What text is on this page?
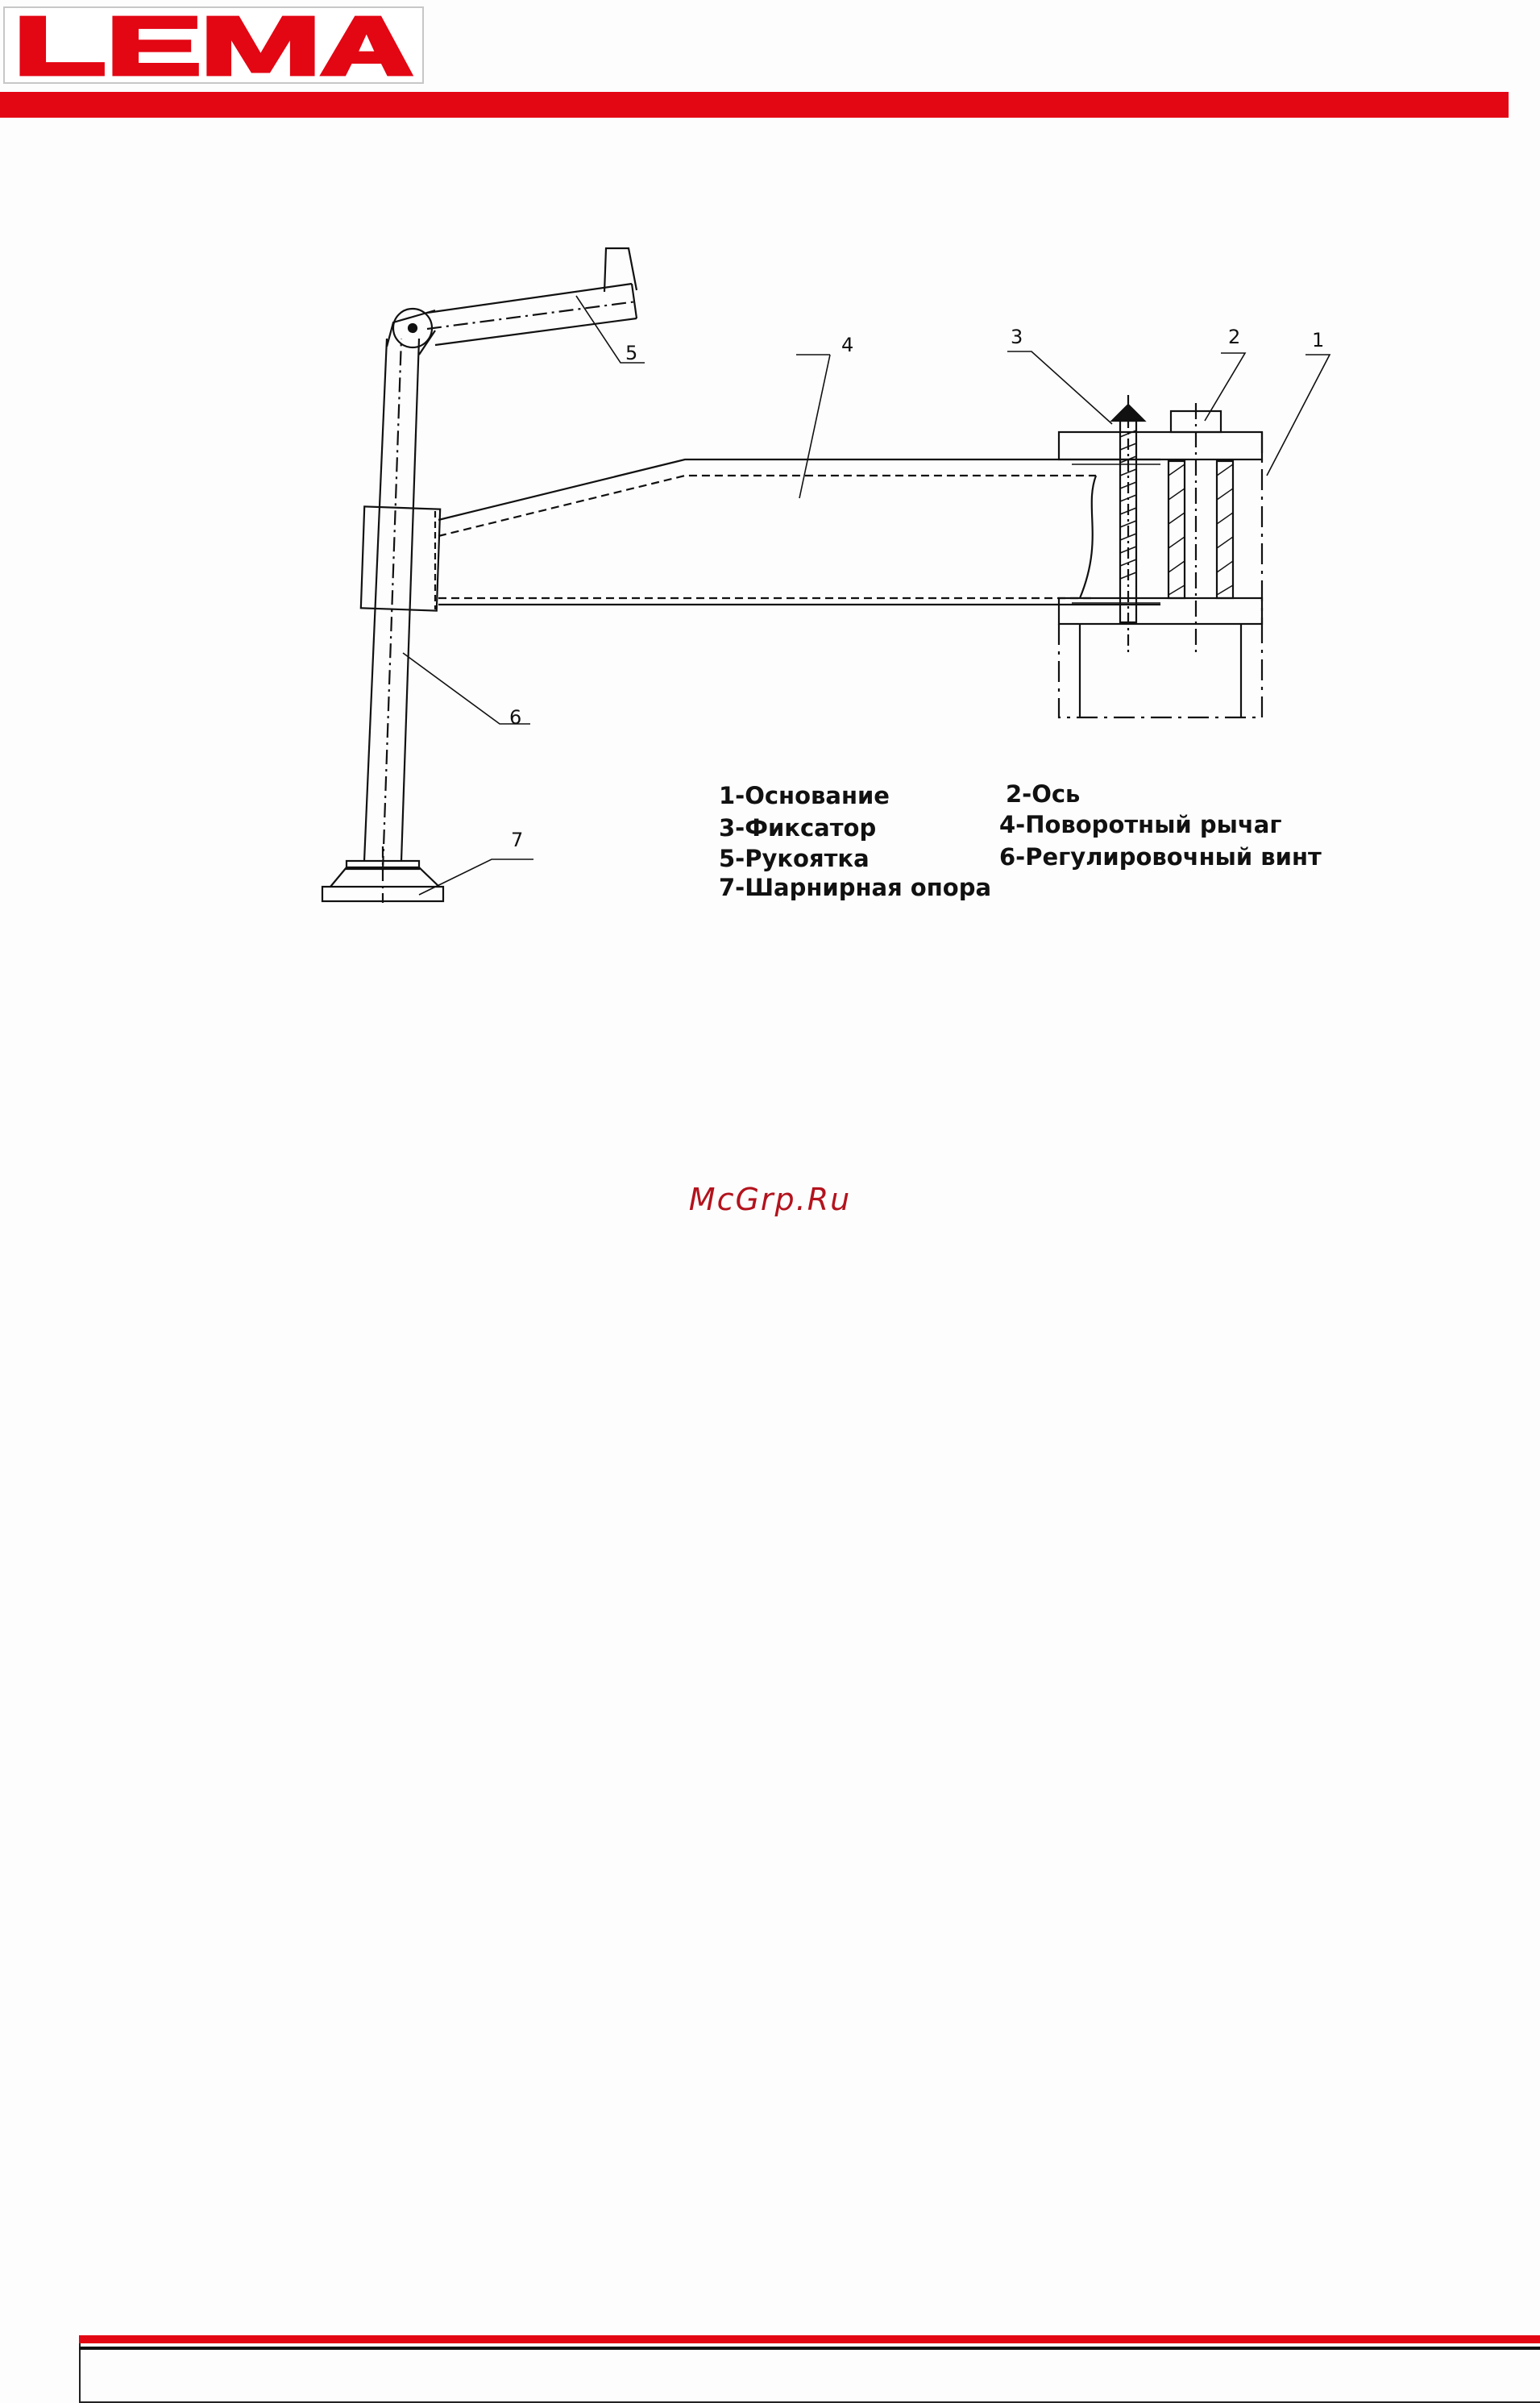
5	4	3	2	1
6
7
1-Основание	2-Ось
3-Фиксатор	4-Поворотный рычаг
5-Рукоятка	6-Регулировочный винт
7-Шарнирная опора
McGrp.Ru
